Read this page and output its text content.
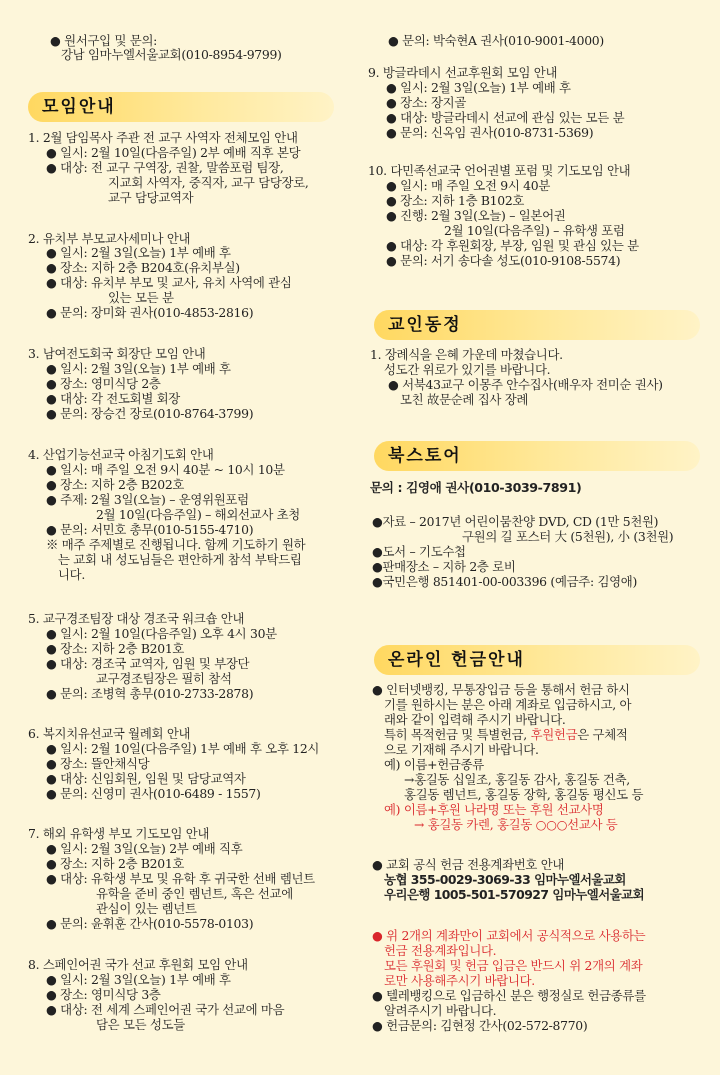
● 원서구입 및 문의:
강남 임마누엘서울교회(010-8954-9799)
모임안내
1. 2월 담임목사 주관 전 교구 사역자 전체모임 안내
● 일시: 2월 10일(다음주일) 2부 예배 직후 본당
● 대상: 전 교구 구역장, 권찰, 말씀포럼 팀장,
지교회 사역자, 중직자, 교구 담당장로,
교구 담당교역자
2. 유치부 부모교사세미나 안내
● 일시: 2월 3일(오늘) 1부 예배 후
● 장소: 지하 2층 B204호(유치부실)
● 대상: 유치부 부모 및 교사, 유치 사역에 관심
있는 모든 분
● 문의: 장미화 권사(010-4853-2816)
3. 남여전도회국 회장단 모임 안내
● 일시: 2월 3일(오늘) 1부 예배 후
● 장소: 영미식당 2층
● 대상: 각 전도회별 회장
● 문의: 장승건 장로(010-8764-3799)
4. 산업기능선교국 아침기도회 안내
● 일시: 매 주일 오전 9시 40분 ~ 10시 10분
● 장소: 지하 2층 B202호
● 주제: 2월 3일(오늘) – 운영위원포럼
2월 10일(다음주일) – 해외선교사 초청
● 문의: 서민호 총무(010-5155-4710)
※ 매주 주제별로 진행됩니다. 함께 기도하기 원하
는 교회 내 성도님들은 편안하게 참석 부탁드립
니다.
5. 교구경조팀장 대상 경조국 워크숍 안내
● 일시: 2월 10일(다음주일) 오후 4시 30분
● 장소: 지하 2층 B201호
● 대상: 경조국 교역자, 임원 및 부장단
교구경조팀장은 필히 참석
● 문의: 조병혁 총무(010-2733-2878)
6. 복지치유선교국 월례회 안내
● 일시: 2월 10일(다음주일) 1부 예배 후 오후 12시
● 장소: 뜰안채식당
● 대상: 신임회원, 임원 및 담당교역자
● 문의: 신영미 권사(010-6489 - 1557)
7. 해외 유학생 부모 기도모임 안내
● 일시: 2월 3일(오늘) 2부 예배 직후
● 장소: 지하 2층 B201호
● 대상: 유학생 부모 및 유학 후 귀국한 선배 렘넌트
유학을 준비 중인 렘넌트, 혹은 선교에
관심이 있는 렘넌트
● 문의: 윤휘훈 간사(010-5578-0103)
8. 스페인어권 국가 선교 후원회 모임 안내
● 일시: 2월 3일(오늘) 1부 예배 후
● 장소: 영미식당 3층
● 대상: 전 세계 스페인어권 국가 선교에 마음
담은 모든 성도들
● 문의: 박숙현A 권사(010-9001-4000)
9. 방글라데시 선교후원회 모임 안내
● 일시: 2월 3일(오늘) 1부 예배 후
● 장소: 장지골
● 대상: 방글라데시 선교에 관심 있는 모든 분
● 문의: 신옥임 권사(010-8731-5369)
10. 다민족선교국 언어권별 포럼 및 기도모임 안내
● 일시: 매 주일 오전 9시 40분
● 장소: 지하 1층 B102호
● 진행: 2월 3일(오늘) – 일본어권
2월 10일(다음주일) – 유학생 포럼
● 대상: 각 후원회장, 부장, 임원 및 관심 있는 분
● 문의: 서기 송다솔 성도(010-9108-5574)
교인동정
1. 장례식을 은혜 가운데 마쳤습니다.
성도간 위로가 있기를 바랍니다.
● 서북43교구 이몽주 안수집사(배우자 전미순 권사)
모친 故문순례 집사 장례
북스토어
문의 : 김영애 권사(010-3039-7891)
●자료 – 2017년 어린이뭄찬양 DVD, CD (1만 5천원)
구원의 길 포스터 大 (5천원), 小 (3천원)
●도서 – 기도수첩
●판매장소 – 지하 2층 로비
●국민은행 851401-00-003396 (예금주: 김영애)
온라인 헌금안내
● 인터넷뱅킹, 무통장입금 등을 통해서 헌금 하시
기를 원하시는 분은 아래 계좌로 입금하시고, 아
래와 같이 입력해 주시기 바랍니다.
특히 목적헌금 및 특별헌금, 후원헌금은 구체적
으로 기재해 주시기 바랍니다.
예) 이름+헌금종류
→홍길동 십일조, 홍길동 감사, 홍길동 건축,
홍길동 렘넌트, 홍길동 장학, 홍길동 평신도 등
예) 이름+후원 나라명 또는 후원 선교사명
→ 홍길동 카렌, 홍길동 ○○○선교사 등
● 교회 공식 헌금 전용계좌번호 안내
농협 355-0029-3069-33 임마누엘서울교회
우리은행 1005-501-570927 임마누엘서울교회
● 위 2개의 계좌만이 교회에서 공식적으로 사용하는
헌금 전용계좌입니다.
모든 후원회 및 헌금 입금은 반드시 위 2개의 계좌
로만 사용해주시기 바랍니다.
● 텔레뱅킹으로 입금하신 분은 행정실로 헌금종류를
알려주시기 바랍니다.
● 헌금문의: 김현정 간사(02-572-8770)
